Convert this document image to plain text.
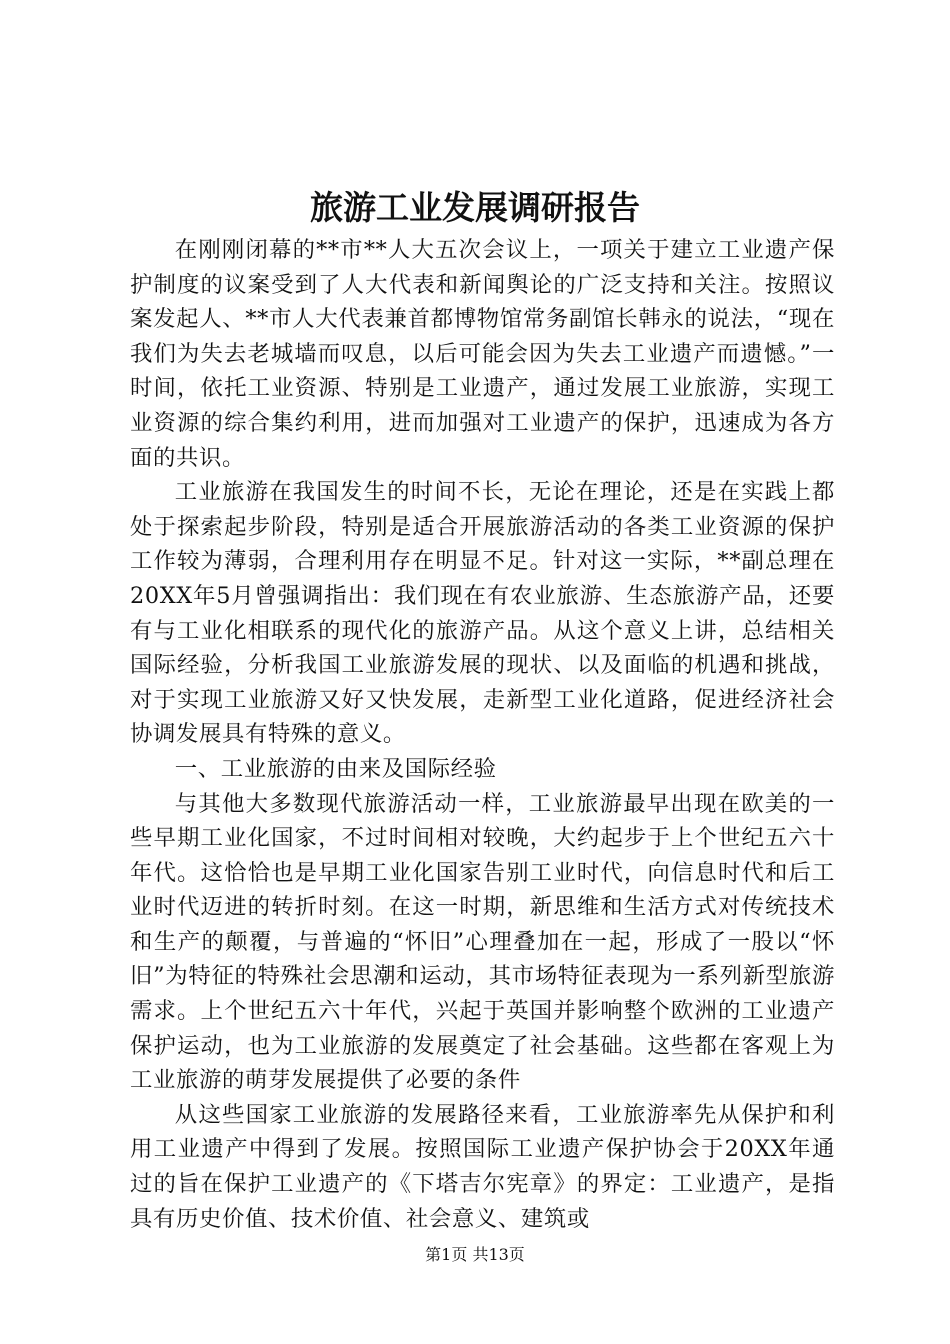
旅游工业发展调研报告

在刚刚闭幕的**市**人大五次会议上，一项关于建立工业遗产保护制度的议案受到了人大代表和新闻舆论的广泛支持和关注。按照议案发起人、**市人大代表兼首都博物馆常务副馆长韩永的说法，“现在我们为失去老城墙而叹息，以后可能会因为失去工业遗产而遗憾。”一时间，依托工业资源、特别是工业遗产，通过发展工业旅游，实现工业资源的综合集约利用，进而加强对工业遗产的保护，迅速成为各方面的共识。

工业旅游在我国发生的时间不长，无论在理论，还是在实践上都处于探索起步阶段，特别是适合开展旅游活动的各类工业资源的保护工作较为薄弱，合理利用存在明显不足。针对这一实际，**副总理在20XX年5月曾强调指出：我们现在有农业旅游、生态旅游产品，还要有与工业化相联系的现代化的旅游产品。从这个意义上讲，总结相关国际经验，分析我国工业旅游发展的现状、以及面临的机遇和挑战，对于实现工业旅游又好又快发展，走新型工业化道路，促进经济社会协调发展具有特殊的意义。

一、工业旅游的由来及国际经验

与其他大多数现代旅游活动一样，工业旅游最早出现在欧美的一些早期工业化国家，不过时间相对较晚，大约起步于上个世纪五六十年代。这恰恰也是早期工业化国家告别工业时代，向信息时代和后工业时代迈进的转折时刻。在这一时期，新思维和生活方式对传统技术和生产的颠覆，与普遍的“怀旧”心理叠加在一起，形成了一股以“怀旧”为特征的特殊社会思潮和运动，其市场特征表现为一系列新型旅游需求。上个世纪五六十年代，兴起于英国并影响整个欧洲的工业遗产保护运动，也为工业旅游的发展奠定了社会基础。这些都在客观上为工业旅游的萌芽发展提供了必要的条件

从这些国家工业旅游的发展路径来看，工业旅游率先从保护和利用工业遗产中得到了发展。按照国际工业遗产保护协会于20XX年通过的旨在保护工业遗产的《下塔吉尔宪章》的界定：工业遗产，是指具有历史价值、技术价值、社会意义、建筑或

第1页 共13页
